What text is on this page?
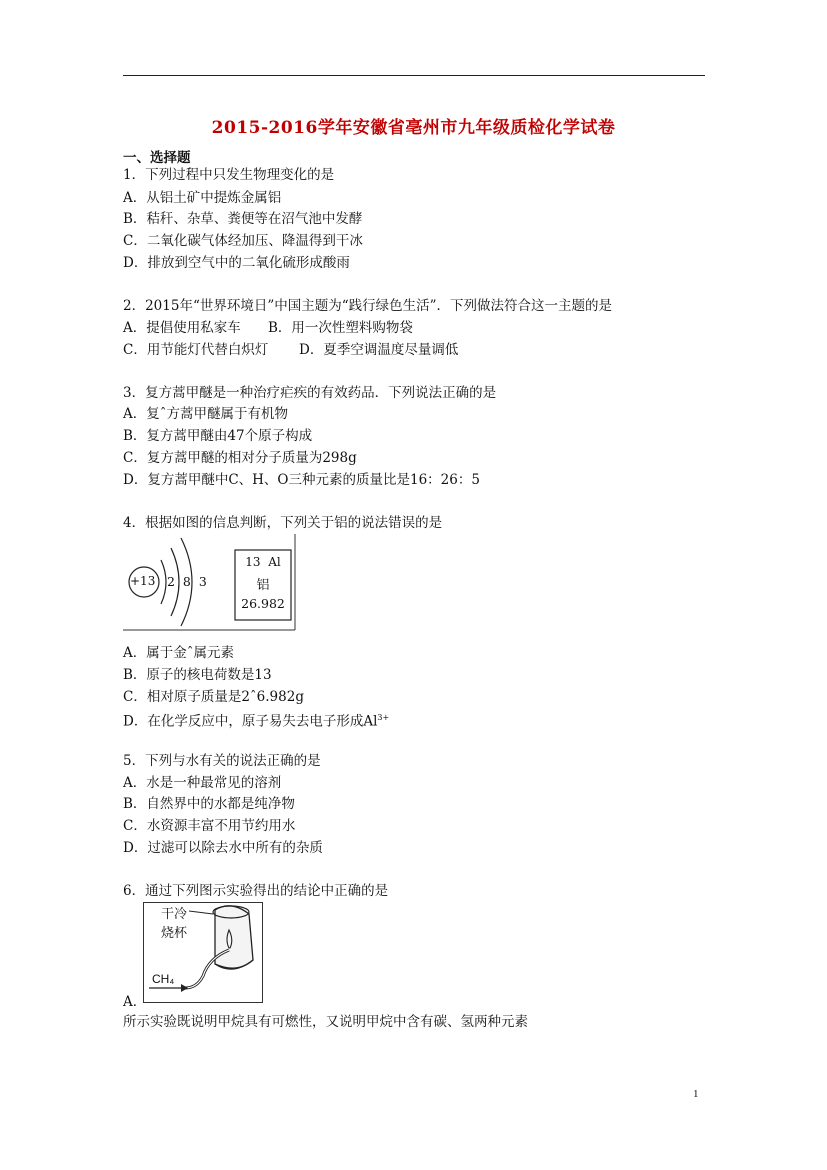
2015-2016学年安徽省亳州市九年级质检化学试卷
一、选择题
1．下列过程中只发生物理变化的是
A．从铝土矿中提炼金属铝
B．秸秆、杂草、粪便等在沼气池中发酵
C．二氧化碳气体经加压、降温得到干冰
D．排放到空气中的二氧化硫形成酸雨
2．2015年“世界环境日”中国主题为“践行绿色生活”．下列做法符合这一主题的是
A．提倡使用私家车 B．用一次性塑料购物袋
C．用节能灯代替白炽灯 D．夏季空调温度尽量调低
3．复方蒿甲醚是一种治疗疟疾的有效药品．下列说法正确的是
A．复ˆ方蒿甲醚属于有机物
B．复方蒿甲醚由47个原子构成
C．复方蒿甲醚的相对分子质量为298g
D．复方蒿甲醚中C、H、O三种元素的质量比是16：26：5
4．根据如图的信息判断，下列关于铝的说法错误的是
+13 2 8 3
13  Al
铝
26.982
A．属于金ˆ属元素
B．原子的核电荷数是13
C．相对原子质量是2ˆ6.982g
D．在化学反应中，原子易失去电子形成$Al^{3+}$
5．下列与水有关的说法正确的是
A．水是一种最常见的溶剂
B．自然界中的水都是纯净物
C．水资源丰富不用节约用水
D．过滤可以除去水中所有的杂质
6．通过下列图示实验得出的结论中正确的是
干冷
烧杯
CH₄
A．
所示实验既说明甲烷具有可燃性，又说明甲烷中含有碳、氢两种元素
1
